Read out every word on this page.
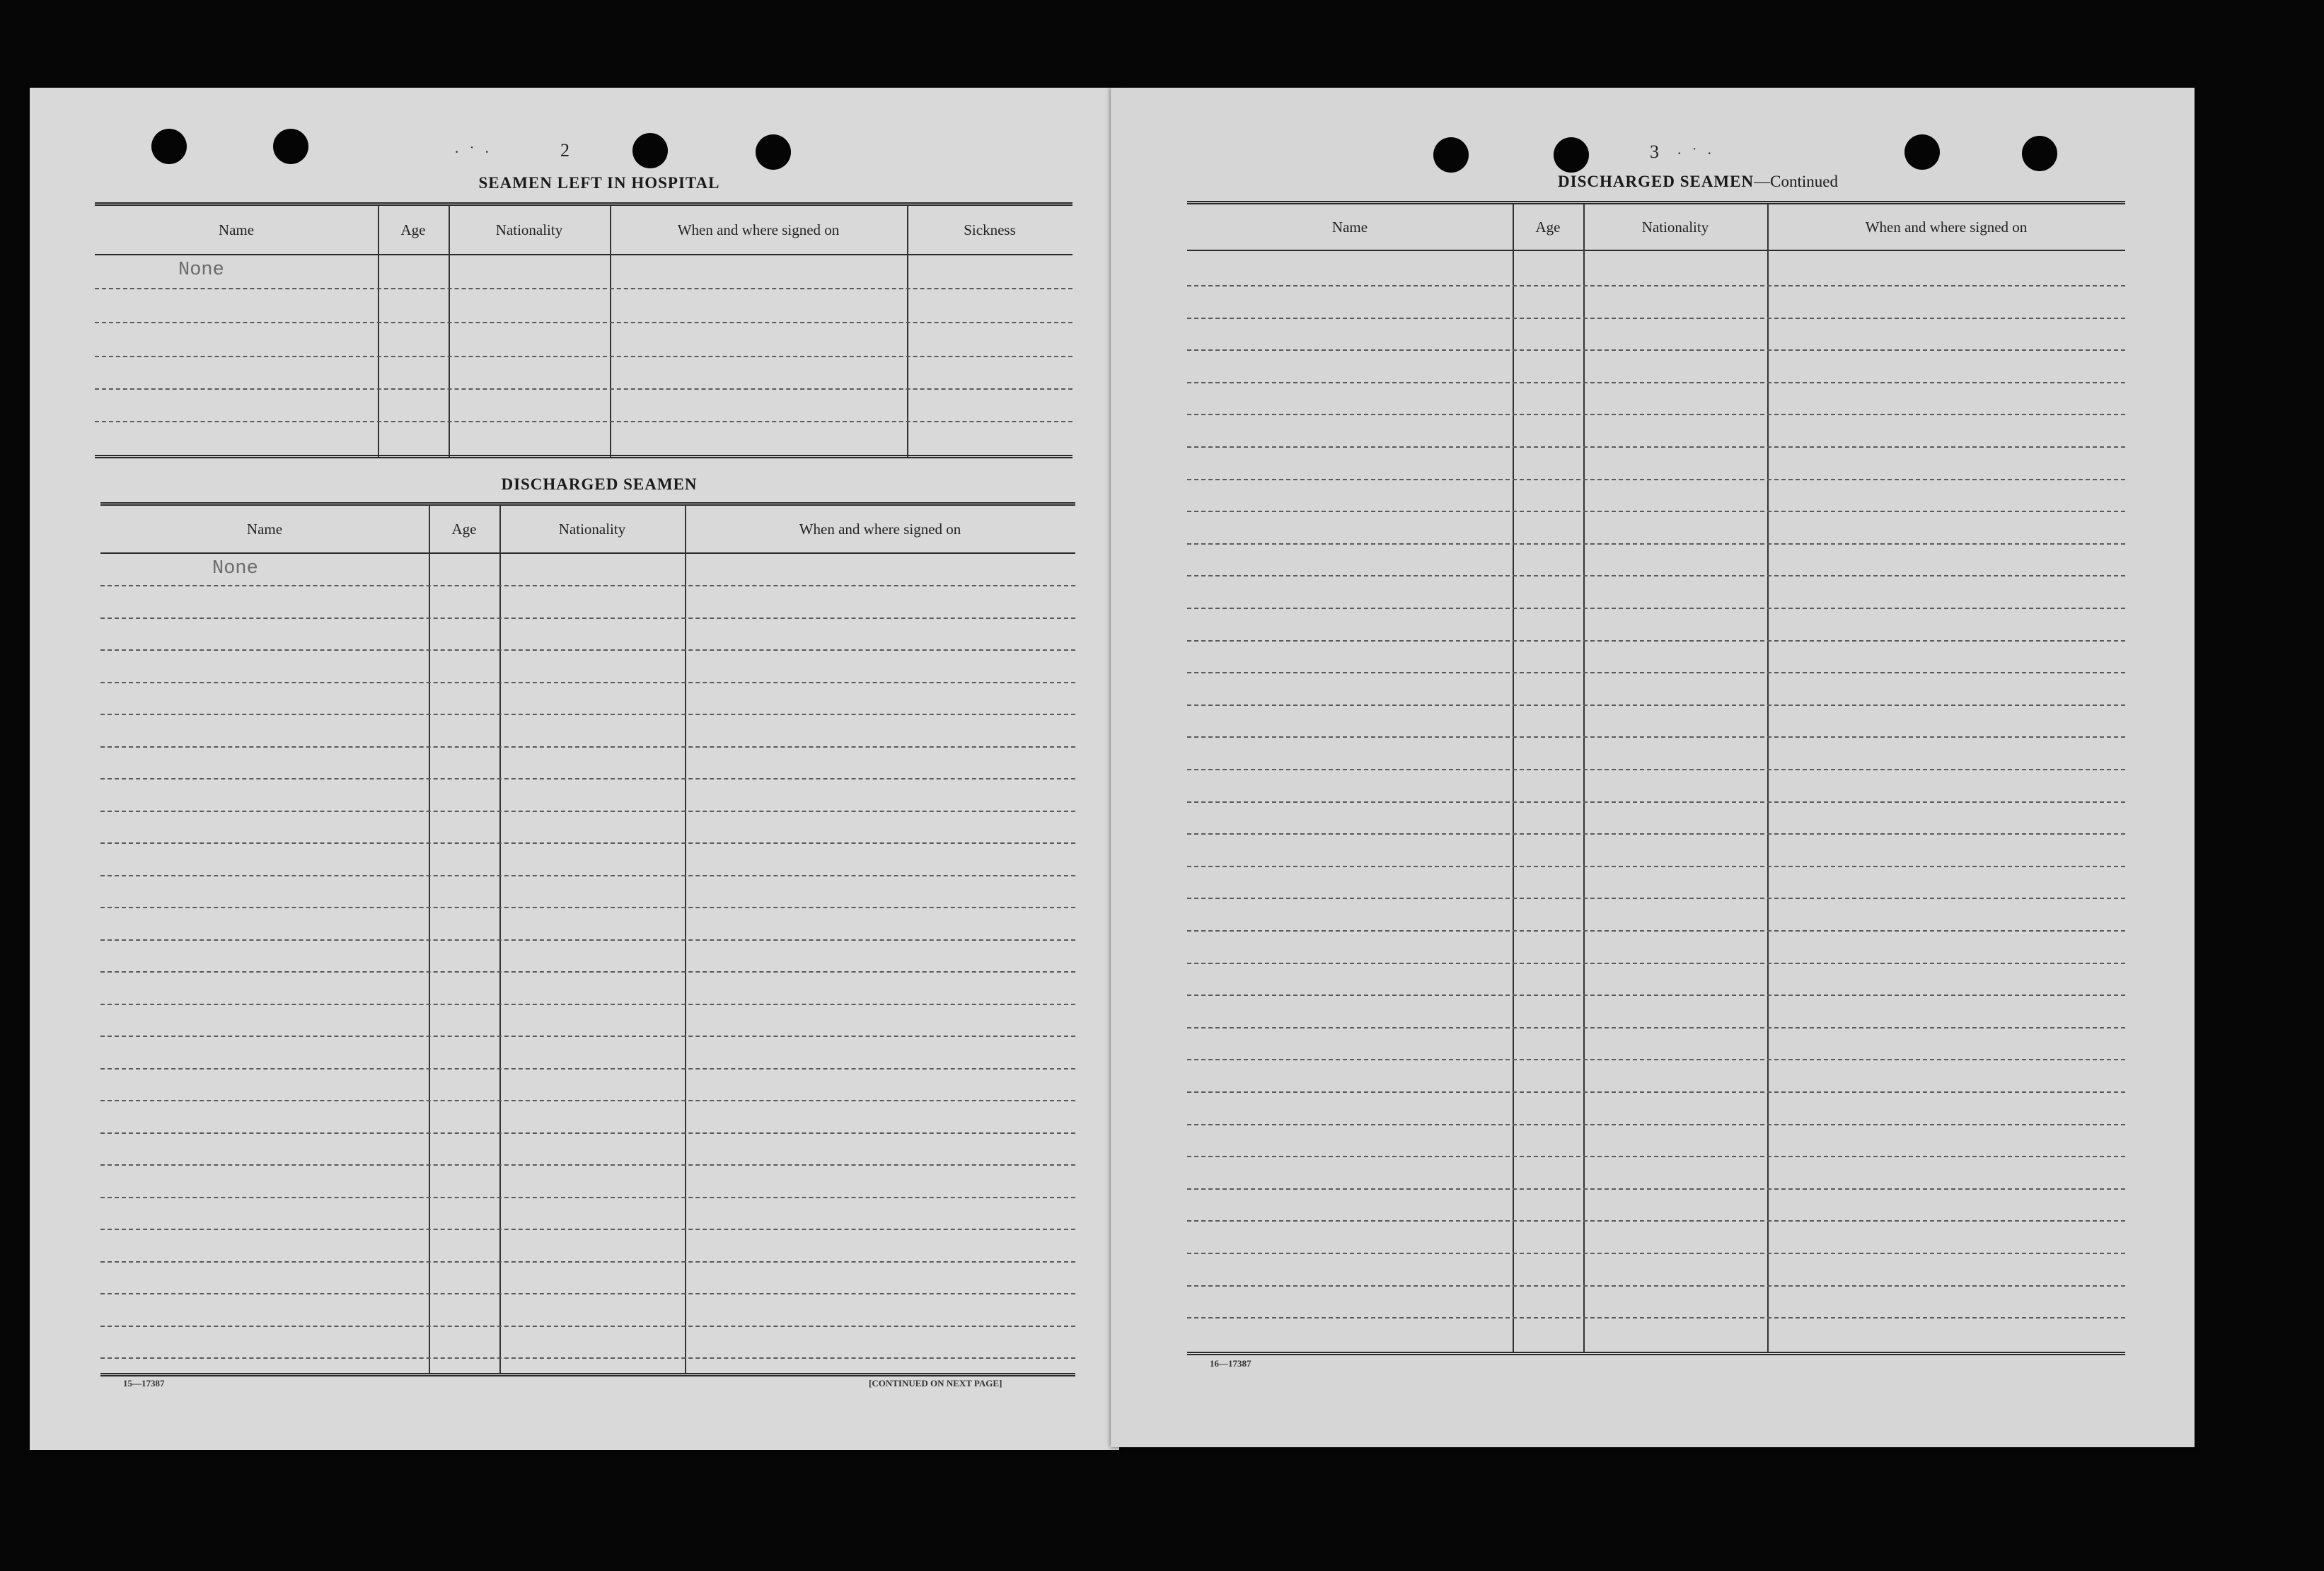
·˙·	2
SEAMEN LEFT IN HOSPITAL
Name	Age	Nationality	When and where signed on	Sickness
None
DISCHARGED SEAMEN
Name	Age	Nationality	When and where signed on
None
15—17387	[CONTINUED ON NEXT PAGE]
3 ·˙·
DISCHARGED SEAMEN—Continued
Name	Age	Nationality	When and where signed on
16—17387
